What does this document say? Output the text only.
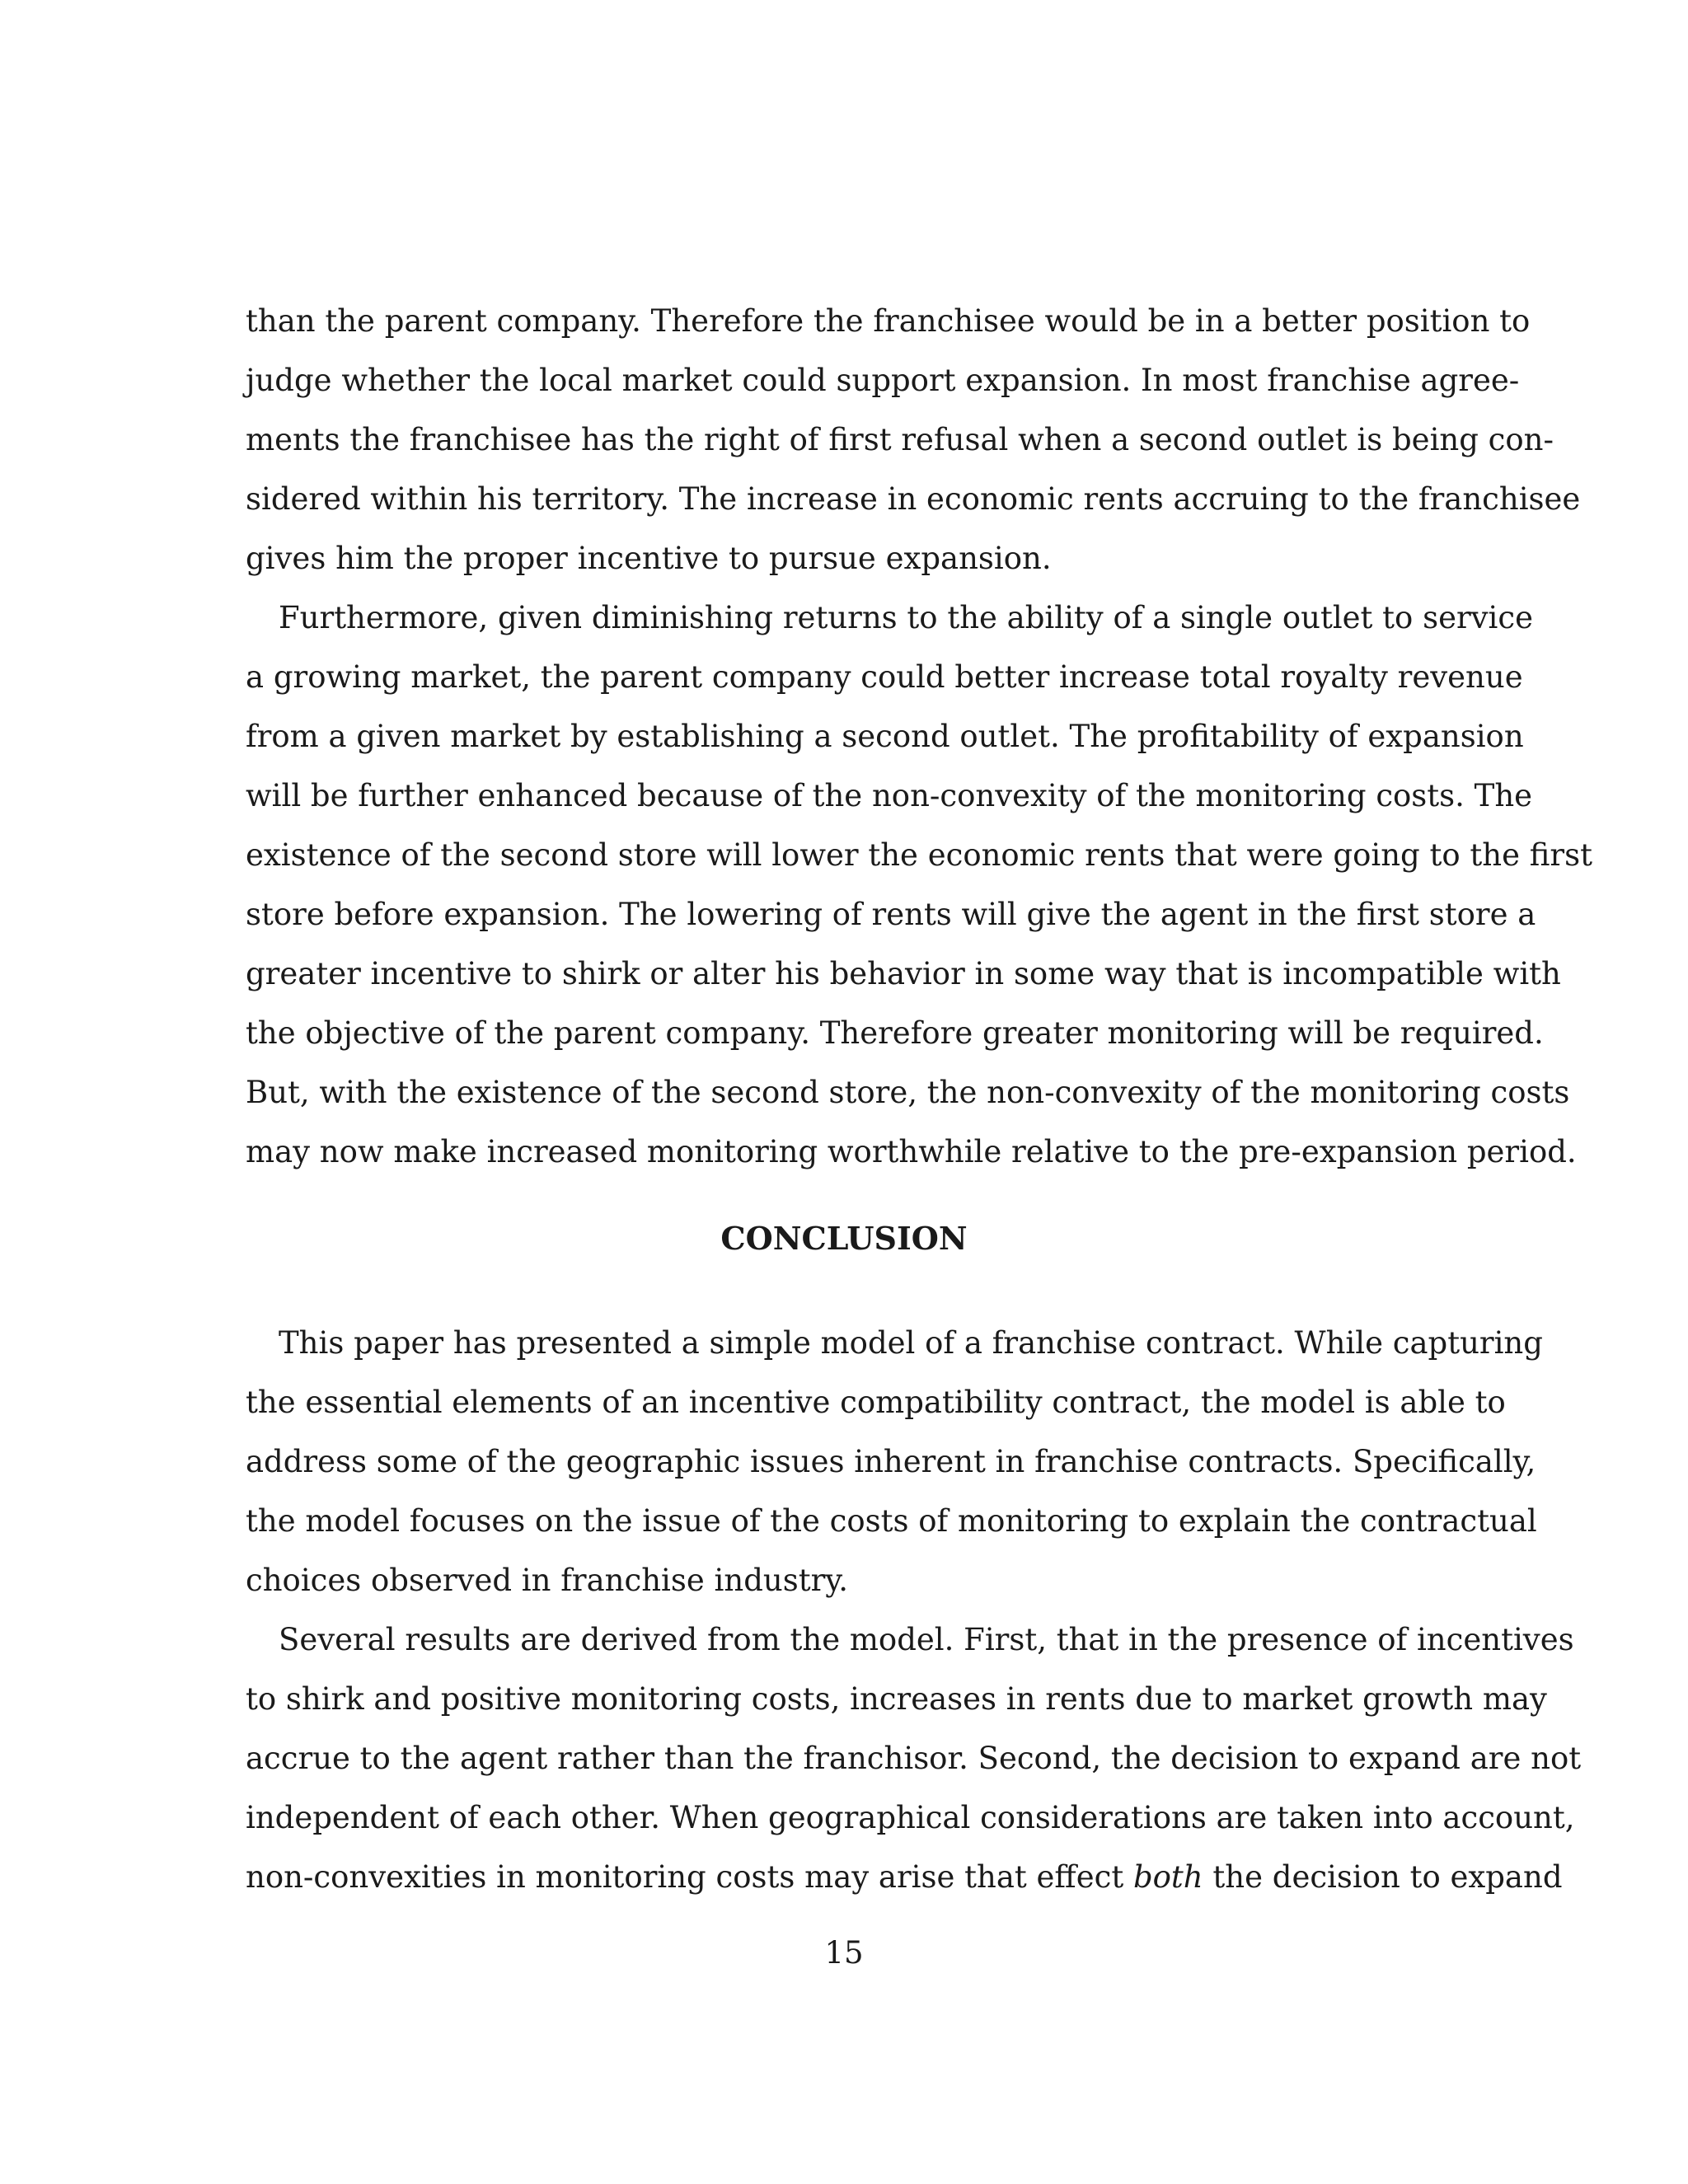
than the parent company. Therefore the franchisee would be in a better position to
judge whether the local market could support expansion. In most franchise agree-
ments the franchisee has the right of first refusal when a second outlet is being con-
sidered within his territory. The increase in economic rents accruing to the franchisee
gives him the proper incentive to pursue expansion.
Furthermore, given diminishing returns to the ability of a single outlet to service
a growing market, the parent company could better increase total royalty revenue
from a given market by establishing a second outlet. The profitability of expansion
will be further enhanced because of the non-convexity of the monitoring costs. The
existence of the second store will lower the economic rents that were going to the first
store before expansion. The lowering of rents will give the agent in the first store a
greater incentive to shirk or alter his behavior in some way that is incompatible with
the objective of the parent company. Therefore greater monitoring will be required.
But, with the existence of the second store, the non-convexity of the monitoring costs
may now make increased monitoring worthwhile relative to the pre-expansion period.
CONCLUSION
This paper has presented a simple model of a franchise contract. While capturing
the essential elements of an incentive compatibility contract, the model is able to
address some of the geographic issues inherent in franchise contracts. Specifically,
the model focuses on the issue of the costs of monitoring to explain the contractual
choices observed in franchise industry.
Several results are derived from the model. First, that in the presence of incentives
to shirk and positive monitoring costs, increases in rents due to market growth may
accrue to the agent rather than the franchisor. Second, the decision to expand are not
independent of each other. When geographical considerations are taken into account,
non-convexities in monitoring costs may arise that effect both the decision to expand
15
